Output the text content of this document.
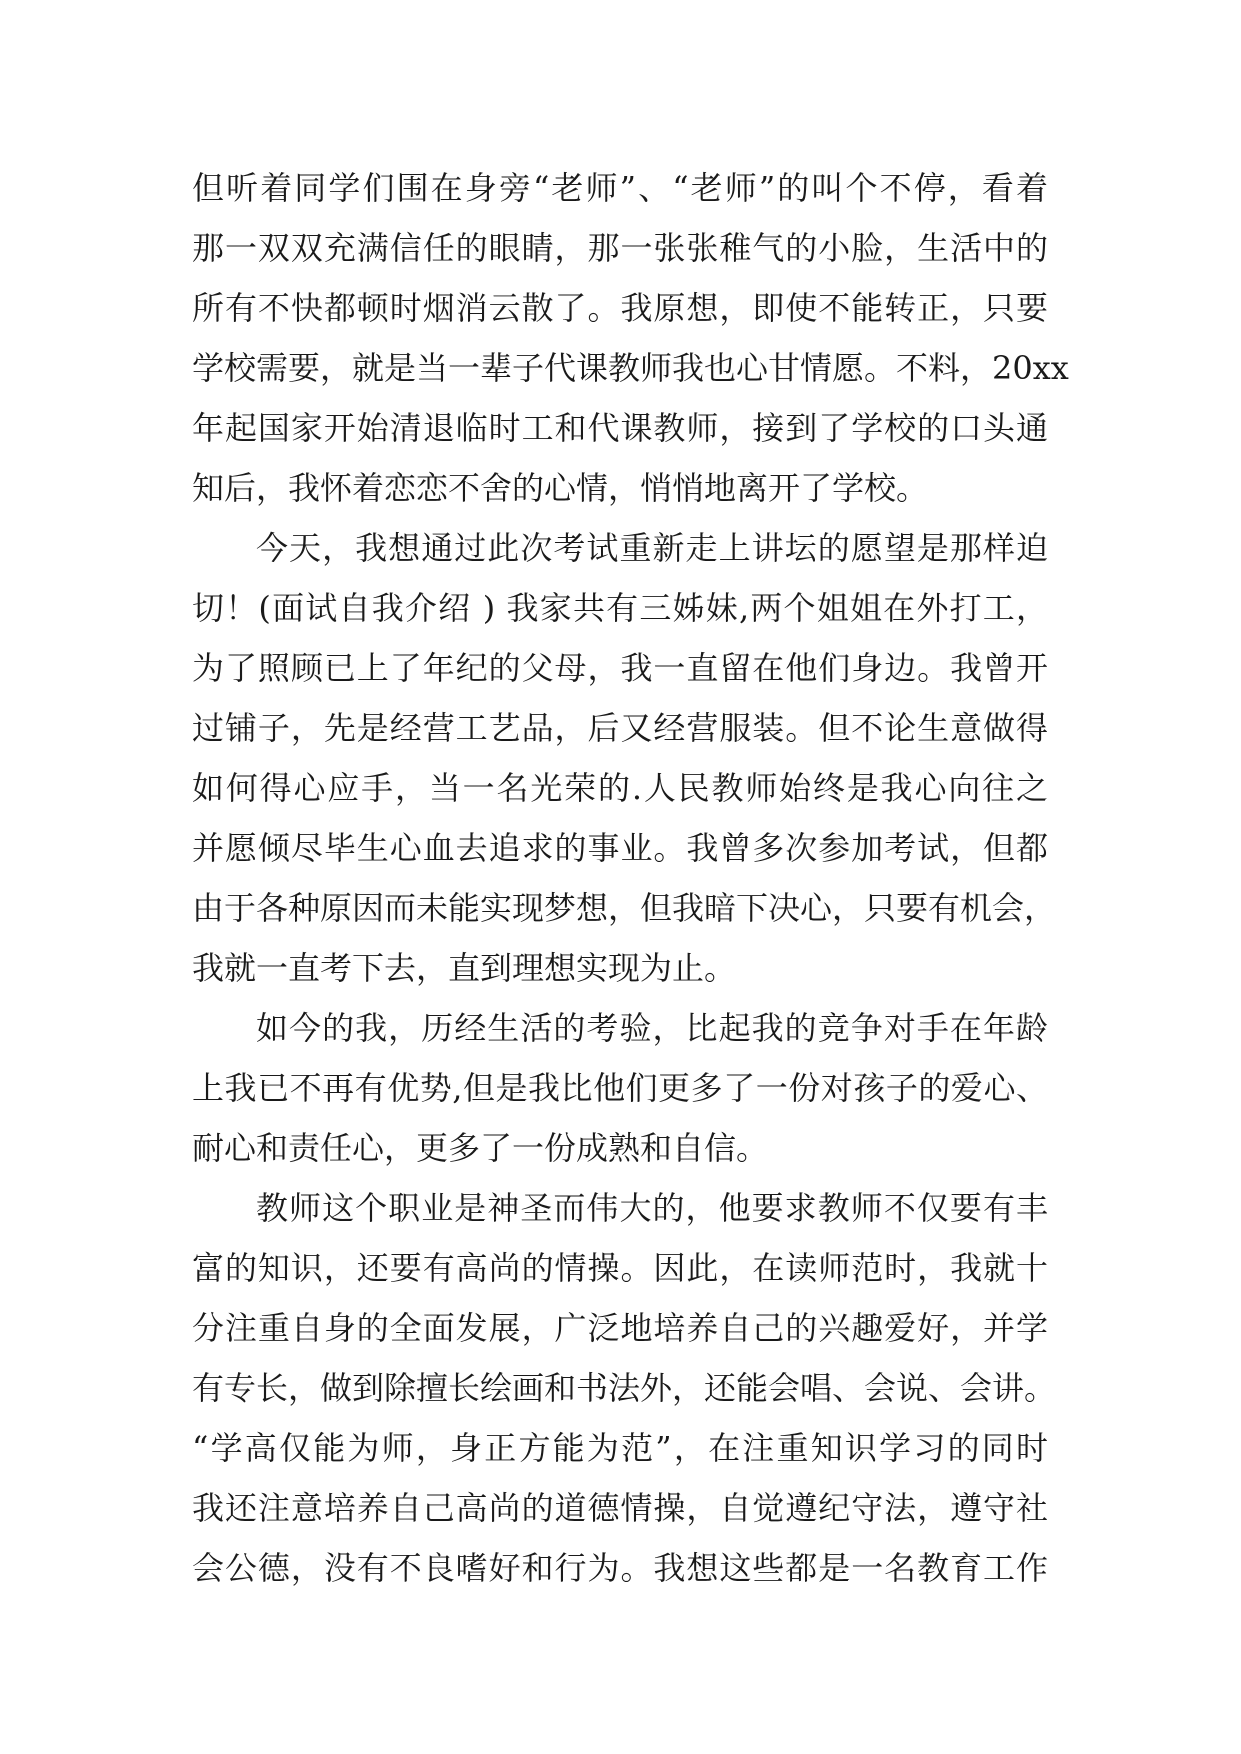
但听着同学们围在身旁“老师”、“老师”的叫个不停，看着
那一双双充满信任的眼睛，那一张张稚气的小脸，生活中的
所有不快都顿时烟消云散了。我原想，即使不能转正，只要
学校需要，就是当一辈子代课教师我也心甘情愿。不料，20xx
年起国家开始清退临时工和代课教师，接到了学校的口头通
知后，我怀着恋恋不舍的心情，悄悄地离开了学校。
今天，我想通过此次考试重新走上讲坛的愿望是那样迫
切！(面试自我介绍 ) 我家共有三姊妹,两个姐姐在外打工，
为了照顾已上了年纪的父母，我一直留在他们身边。我曾开
过铺子，先是经营工艺品，后又经营服装。但不论生意做得
如何得心应手，当一名光荣的.人民教师始终是我心向往之
并愿倾尽毕生心血去追求的事业。我曾多次参加考试，但都
由于各种原因而未能实现梦想，但我暗下决心，只要有机会，
我就一直考下去，直到理想实现为止。
如今的我，历经生活的考验，比起我的竞争对手在年龄
上我已不再有优势,但是我比他们更多了一份对孩子的爱心、
耐心和责任心，更多了一份成熟和自信。
教师这个职业是神圣而伟大的，他要求教师不仅要有丰
富的知识，还要有高尚的情操。因此，在读师范时，我就十
分注重自身的全面发展，广泛地培养自己的兴趣爱好，并学
有专长，做到除擅长绘画和书法外，还能会唱、会说、会讲。
“学高仅能为师，身正方能为范”，在注重知识学习的同时
我还注意培养自己高尚的道德情操，自觉遵纪守法，遵守社
会公德，没有不良嗜好和行为。我想这些都是一名教育工作
